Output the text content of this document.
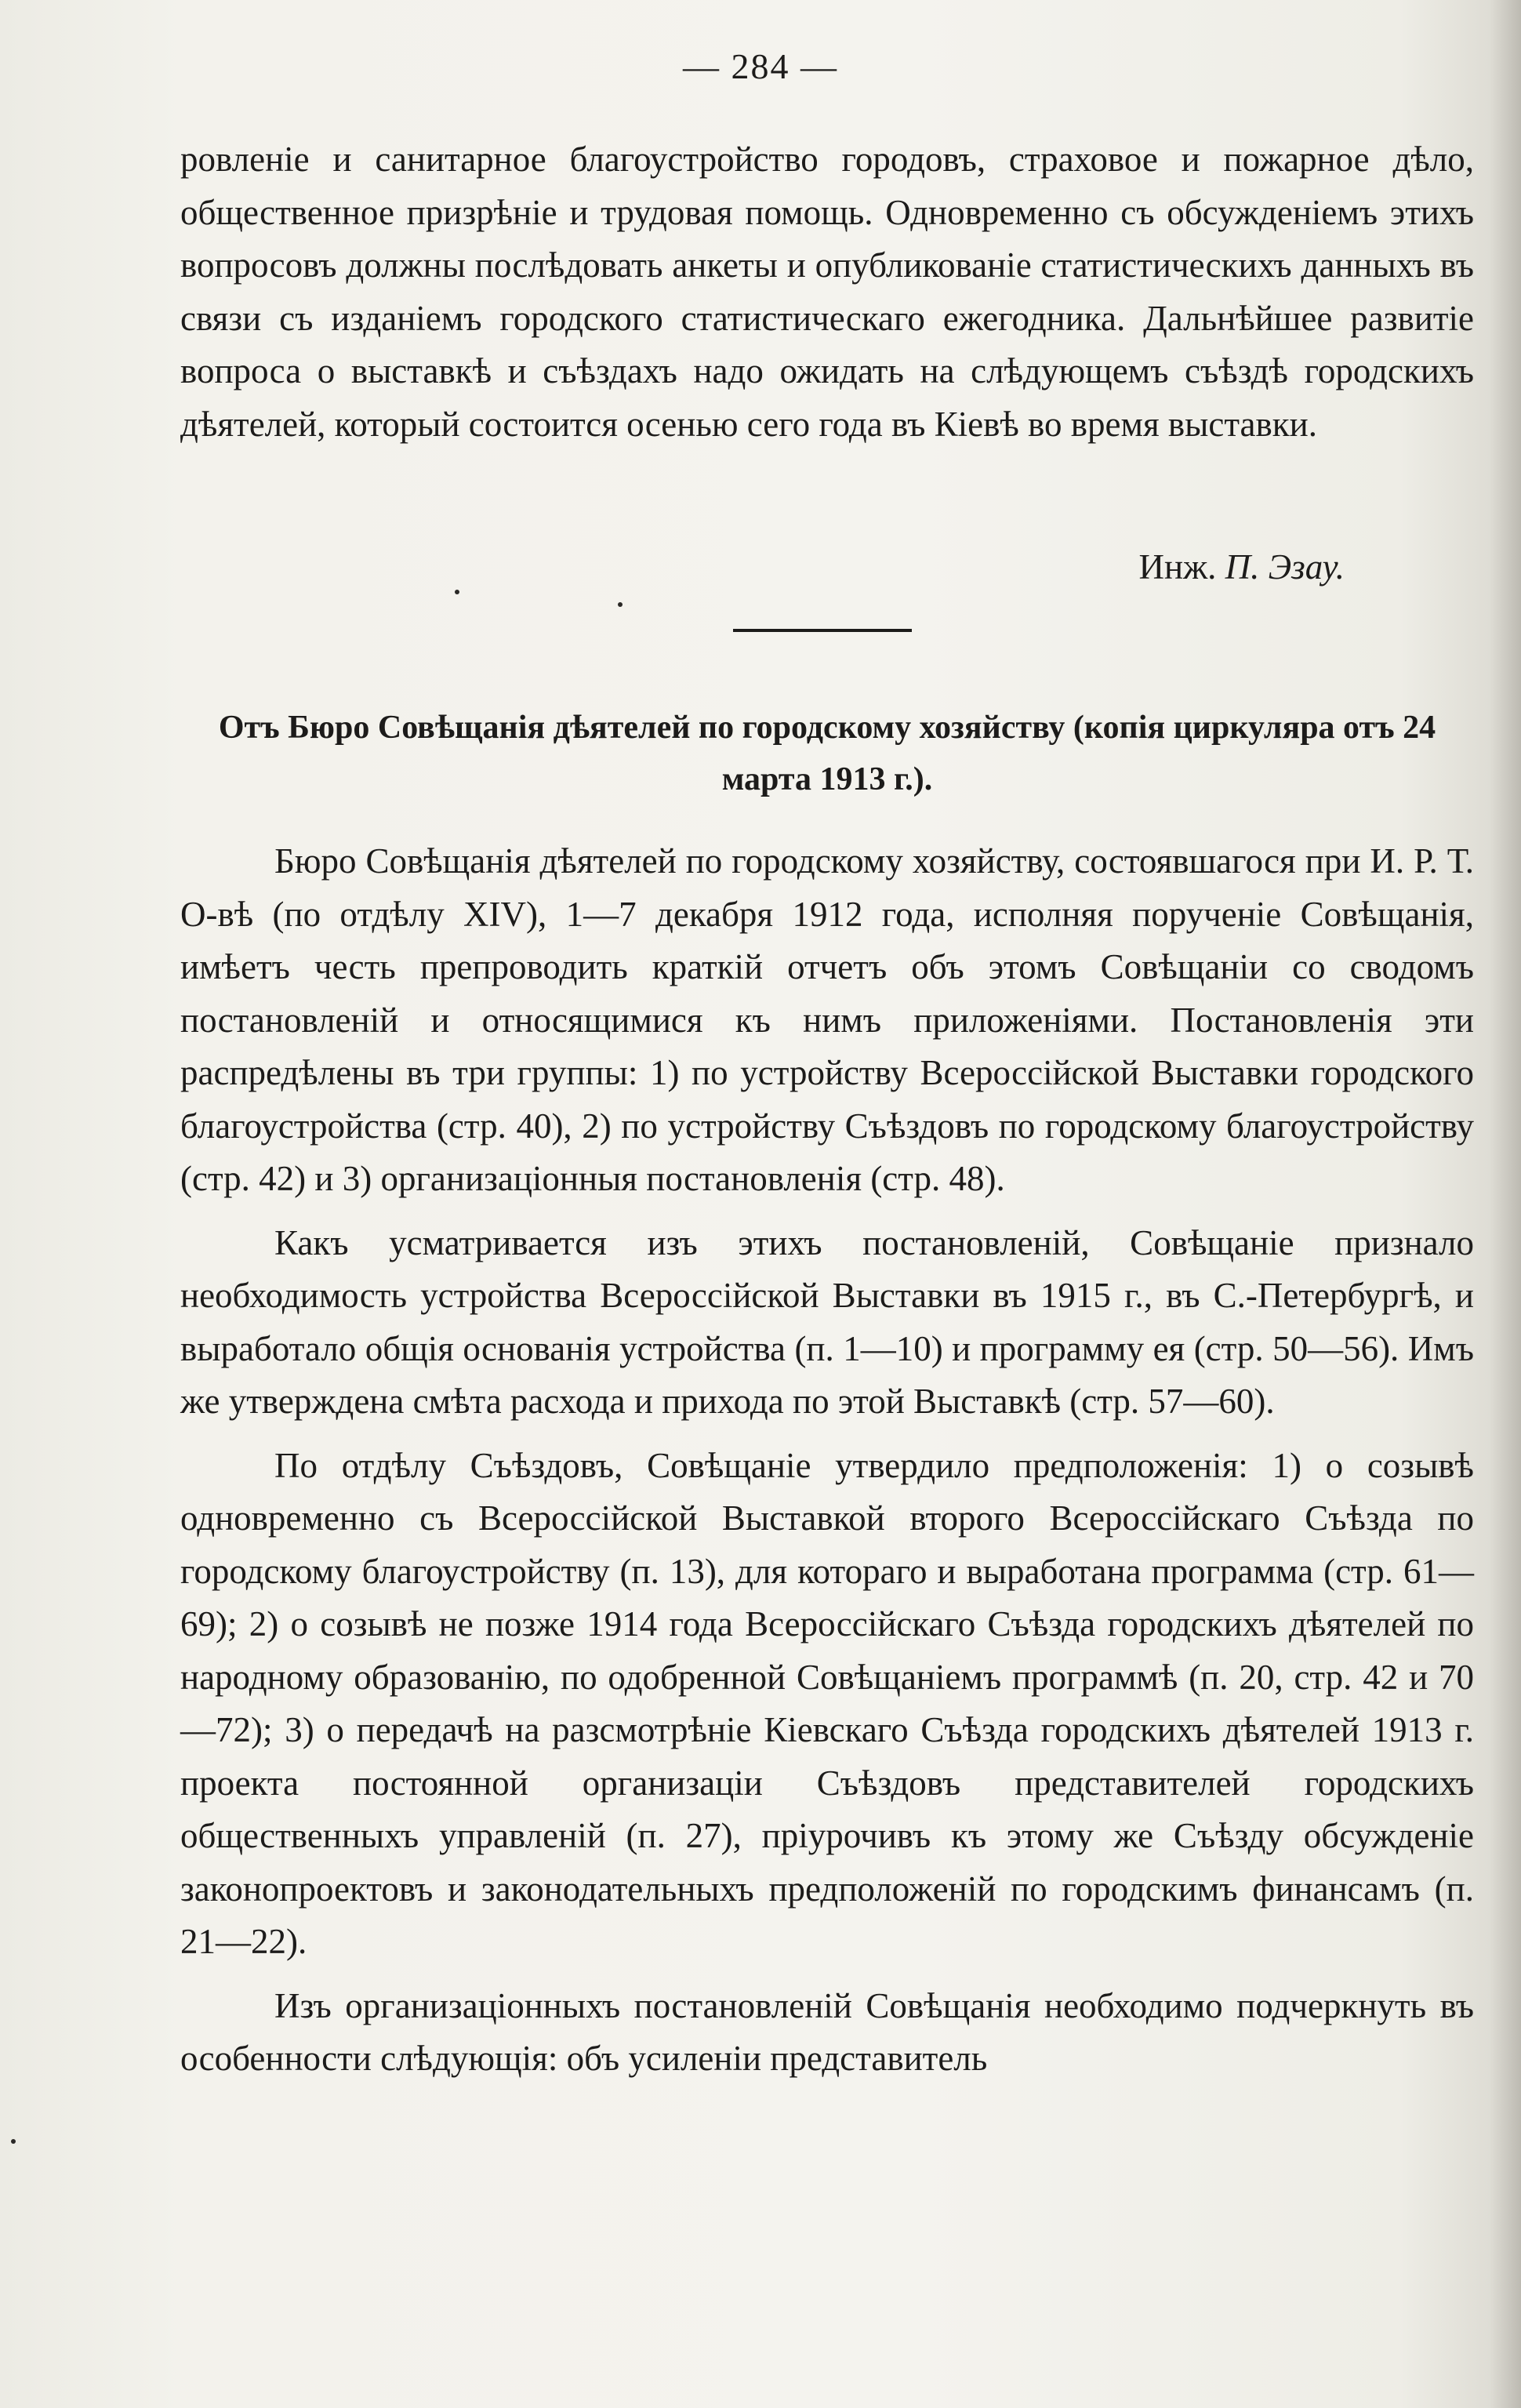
— 284 —

ровленіе и санитарное благоустройство городовъ, страховое и пожарное дѣло, общественное призрѣніе и трудовая помощь. Одновременно съ обсужденіемъ этихъ вопросовъ должны послѣдовать анкеты и опубликованіе статистическихъ данныхъ въ связи съ изданіемъ городского статистическаго ежегодника. Дальнѣйшее развитіе вопроса о выставкѣ и съѣздахъ надо ожидать на слѣдующемъ съѣздѣ городскихъ дѣятелей, который состоится осенью сего года въ Кіевѣ во время выставки.

Инж. П. Эзау.
Отъ Бюро Совѣщанія дѣятелей по городскому хозяйству (копія циркуляра отъ 24 марта 1913 г.).

Бюро Совѣщанія дѣятелей по городскому хозяйству, состоявшагося при И. Р. Т. О-вѣ (по отдѣлу XIV), 1—7 декабря 1912 года, исполняя порученіе Совѣщанія, имѣетъ честь препроводить краткій отчетъ объ этомъ Совѣщаніи со сводомъ постановленій и относящимися къ нимъ приложеніями. Постановленія эти распредѣлены въ три группы: 1) по устройству Всероссійской Выставки городского благоустройства (стр. 40), 2) по устройству Съѣздовъ по городскому благоустройству (стр. 42) и 3) организаціонныя постановленія (стр. 48).

Какъ усматривается изъ этихъ постановленій, Совѣщаніе признало необходимость устройства Всероссійской Выставки въ 1915 г., въ С.-Петербургѣ, и выработало общія основанія устройства (п. 1—10) и программу ея (стр. 50—56). Имъ же утверждена смѣта расхода и прихода по этой Выставкѣ (стр. 57—60).

По отдѣлу Съѣздовъ, Совѣщаніе утвердило предположенія: 1) о созывѣ одновременно съ Всероссійской Выставкой второго Всероссійскаго Съѣзда по городскому благоустройству (п. 13), для котораго и выработана программа (стр. 61—69); 2) о созывѣ не позже 1914 года Всероссійскаго Съѣзда городскихъ дѣятелей по народному образованію, по одобренной Совѣщаніемъ программѣ (п. 20, стр. 42 и 70—72); 3) о передачѣ на разсмотрѣніе Кіевскаго Съѣзда городскихъ дѣятелей 1913 г. проекта постоянной организаціи Съѣздовъ представителей городскихъ общественныхъ управленій (п. 27), пріурочивъ къ этому же Съѣзду обсужденіе законопроектовъ и законодательныхъ предположеній по городскимъ финансамъ (п. 21—22).

Изъ организаціонныхъ постановленій Совѣщанія необходимо подчеркнуть въ особенности слѣдующія: объ усиленіи представитель
